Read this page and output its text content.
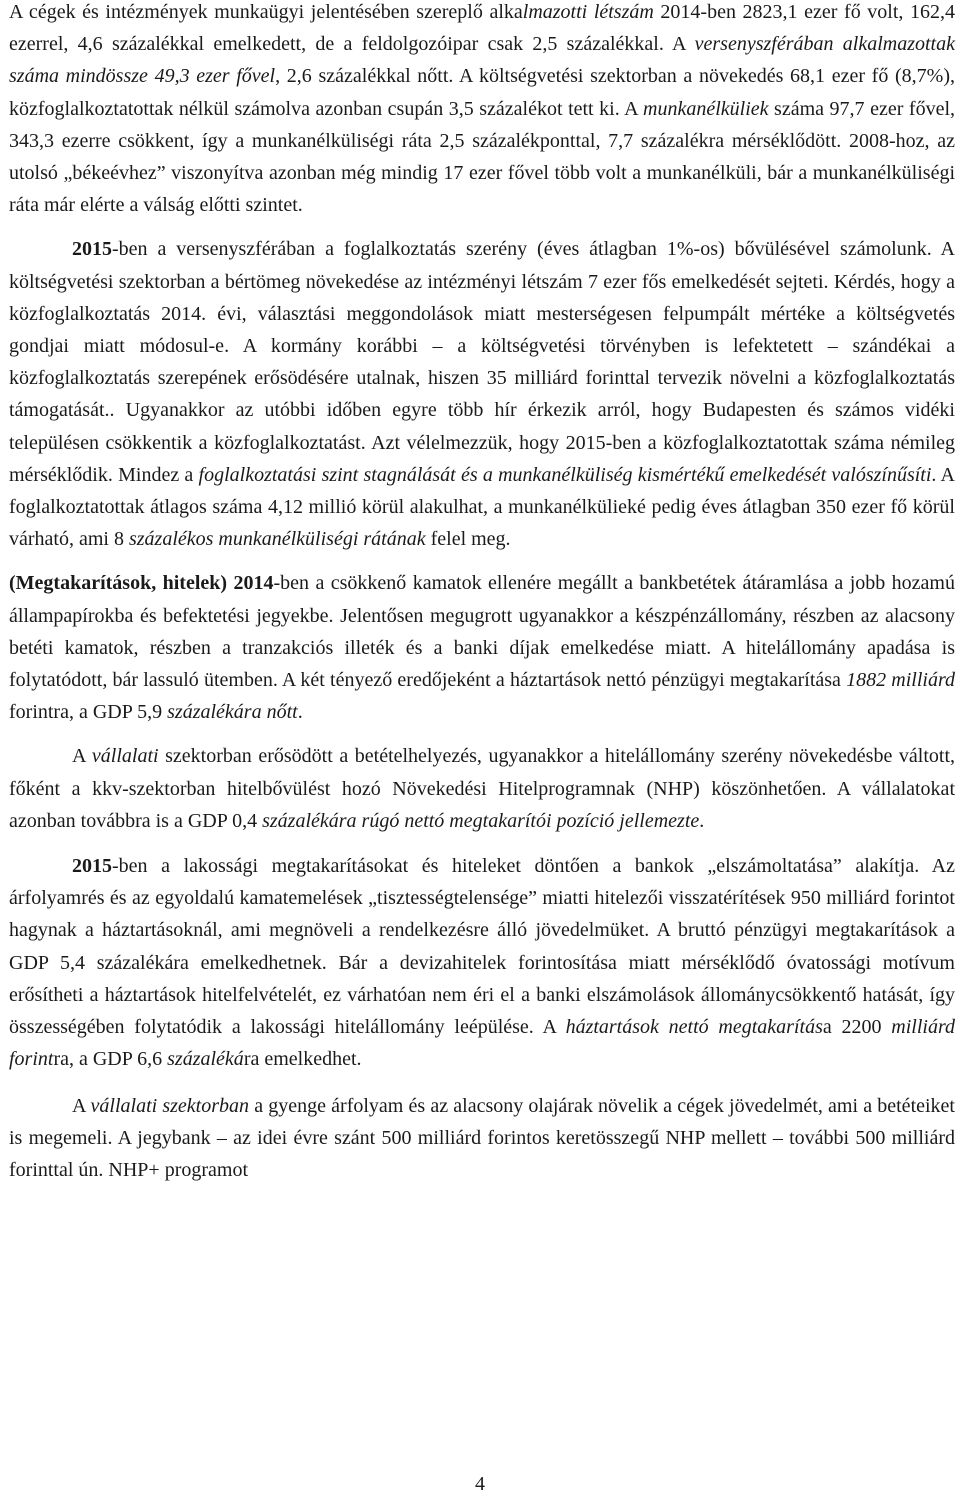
A cégek és intézmények munkaügyi jelentésében szereplő alkalmazotti létszám 2014-ben 2823,1 ezer fő volt, 162,4 ezerrel, 4,6 százalékkal emelkedett, de a feldolgozóipar csak 2,5 százalékkal. A versenyszférában alkalmazottak száma mindössze 49,3 ezer fővel, 2,6 százalékkal nőtt. A költségvetési szektorban a növekedés 68,1 ezer fő (8,7%), közfoglalkoztatottak nélkül számolva azonban csupán 3,5 százalékot tett ki. A munkanélküliek száma 97,7 ezer fővel, 343,3 ezerre csökkent, így a munkanélküliségi ráta 2,5 százalékponttal, 7,7 százalékra mérséklődött. 2008-hoz, az utolsó „békeévhez” viszonyítva azonban még mindig 17 ezer fővel több volt a munkanélküli, bár a munkanélküliségi ráta már elérte a válság előtti szintet.

2015-ben a versenyszférában a foglalkoztatás szerény (éves átlagban 1%-os) bővülésével számolunk. A költségvetési szektorban a bértömeg növekedése az intézményi létszám 7 ezer fős emelkedését sejteti. Kérdés, hogy a közfoglalkoztatás 2014. évi, választási meggondolások miatt mesterségesen felpumpált mértéke a költségvetés gondjai miatt módosul-e. A kormány korábbi – a költségvetési törvényben is lefektetett – szándékai a közfoglalkoztatás szerepének erősödésére utalnak, hiszen 35 milliárd forinttal tervezik növelni a közfoglalkoztatás támogatását.. Ugyanakkor az utóbbi időben egyre több hír érkezik arról, hogy Budapesten és számos vidéki településen csökkentik a közfoglalkoztatást. Azt vélelmezzük, hogy 2015-ben a közfoglalkoztatottak száma némileg mérséklődik. Mindez a foglalkoztatási szint stagnálását és a munkanélküliség kismértékű emelkedését valószínűsíti. A foglalkoztatottak átlagos száma 4,12 millió körül alakulhat, a munkanélkülieké pedig éves átlagban 350 ezer fő körül várható, ami 8 százalékos munkanélküliségi rátának felel meg.

(Megtakarítások, hitelek) 2014-ben a csökkenő kamatok ellenére megállt a bankbetétek átáramlása a jobb hozamú állampapírokba és befektetési jegyekbe. Jelentősen megugrott ugyanakkor a készpénzállomány, részben az alacsony betéti kamatok, részben a tranzakciós illeték és a banki díjak emelkedése miatt. A hitelállomány apadása is folytatódott, bár lassuló ütemben. A két tényező eredőjeként a háztartások nettó pénzügyi megtakarítása 1882 milliárd forintra, a GDP 5,9 százalékára nőtt.

A vállalati szektorban erősödött a betételhelyezés, ugyanakkor a hitelállomány szerény növekedésbe váltott, főként a kkv-szektorban hitelbővülést hozó Növekedési Hitelprogramnak (NHP) köszönhetően. A vállalatokat azonban továbbra is a GDP 0,4 százalékára rúgó nettó megtakarítói pozíció jellemezte.

2015-ben a lakossági megtakarításokat és hiteleket döntően a bankok „elszámoltatása” alakítja. Az árfolyamrés és az egyoldalú kamatemelések „tisztességtelensége” miatti hitelezői visszatérítések 950 milliárd forintot hagynak a háztartásoknál, ami megnöveli a rendelkezésre álló jövedelmüket. A bruttó pénzügyi megtakarítások a GDP 5,4 százalékára emelkedhetnek. Bár a devizahitelek forintosítása miatt mérséklődő óvatossági motívum erősítheti a háztartások hitelfelvételét, ez várhatóan nem éri el a banki elszámolások állománycsökkentő hatását, így összességében folytatódik a lakossági hitelállomány leépülése. A háztartások nettó megtakarítása 2200 milliárd forintra, a GDP 6,6 százalékára emelkedhet.

A vállalati szektorban a gyenge árfolyam és az alacsony olajárak növelik a cégek jövedelmét, ami a betéteiket is megemeli. A jegybank – az idei évre szánt 500 milliárd forintos keretösszegű NHP mellett – további 500 milliárd forinttal ún. NHP+ programot

4
